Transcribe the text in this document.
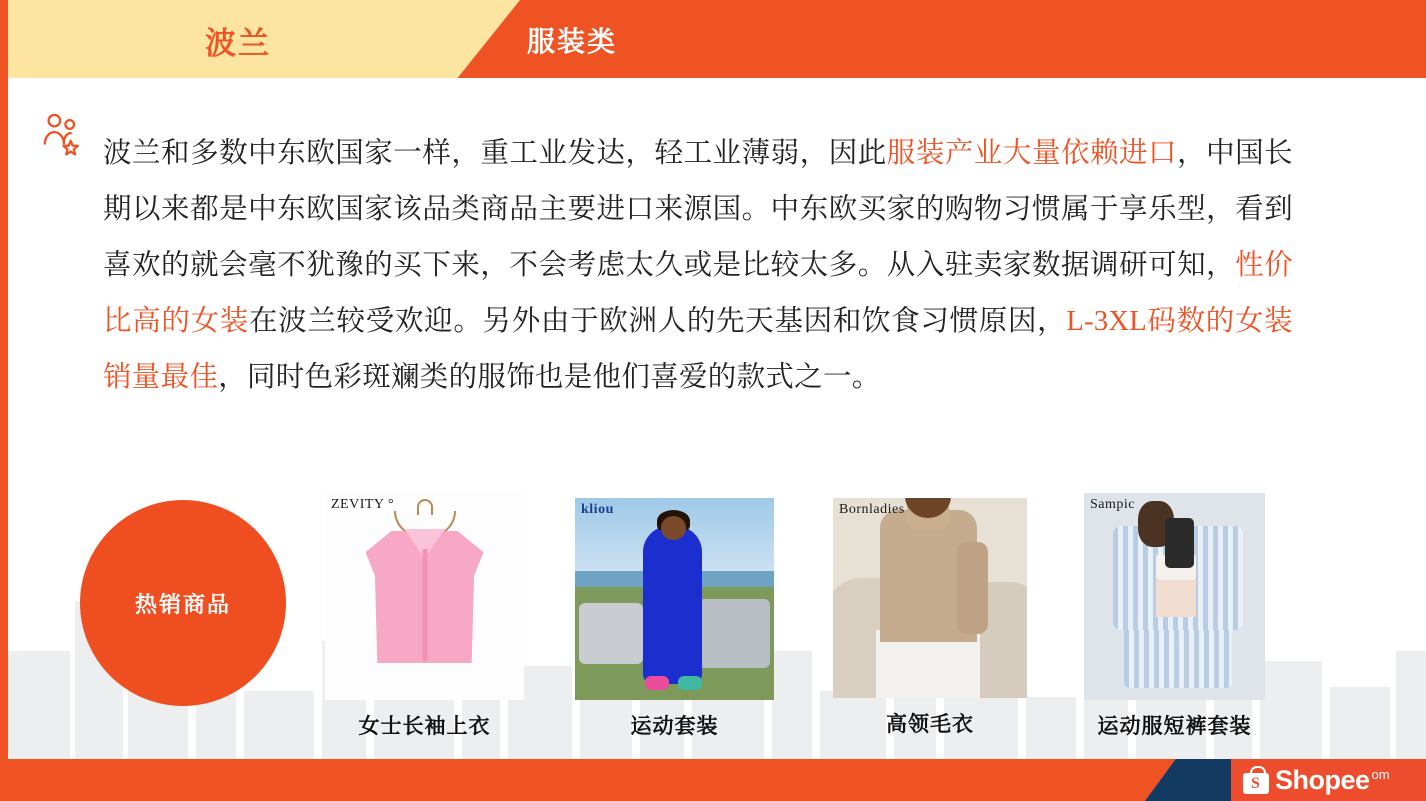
波兰	服装类
波兰和多数中东欧国家一样，重工业发达，轻工业薄弱，因此服装产业大量依赖进口，中国长期以来都是中东欧国家该品类商品主要进口来源国。中东欧买家的购物习惯属于享乐型，看到喜欢的就会毫不犹豫的买下来，不会考虑太久或是比较太多。从入驻卖家数据调研可知，性价比高的女装在波兰较受欢迎。另外由于欧洲人的先天基因和饮食习惯原因，L-3XL码数的女装销量最佳，同时色彩斑斓类的服饰也是他们喜爱的款式之一。
热销商品
ZEVITY °
女士长袖上衣
kliou
运动套装
Bornladies
高领毛衣
Sampic
运动服短裤套装
S Shopee om
